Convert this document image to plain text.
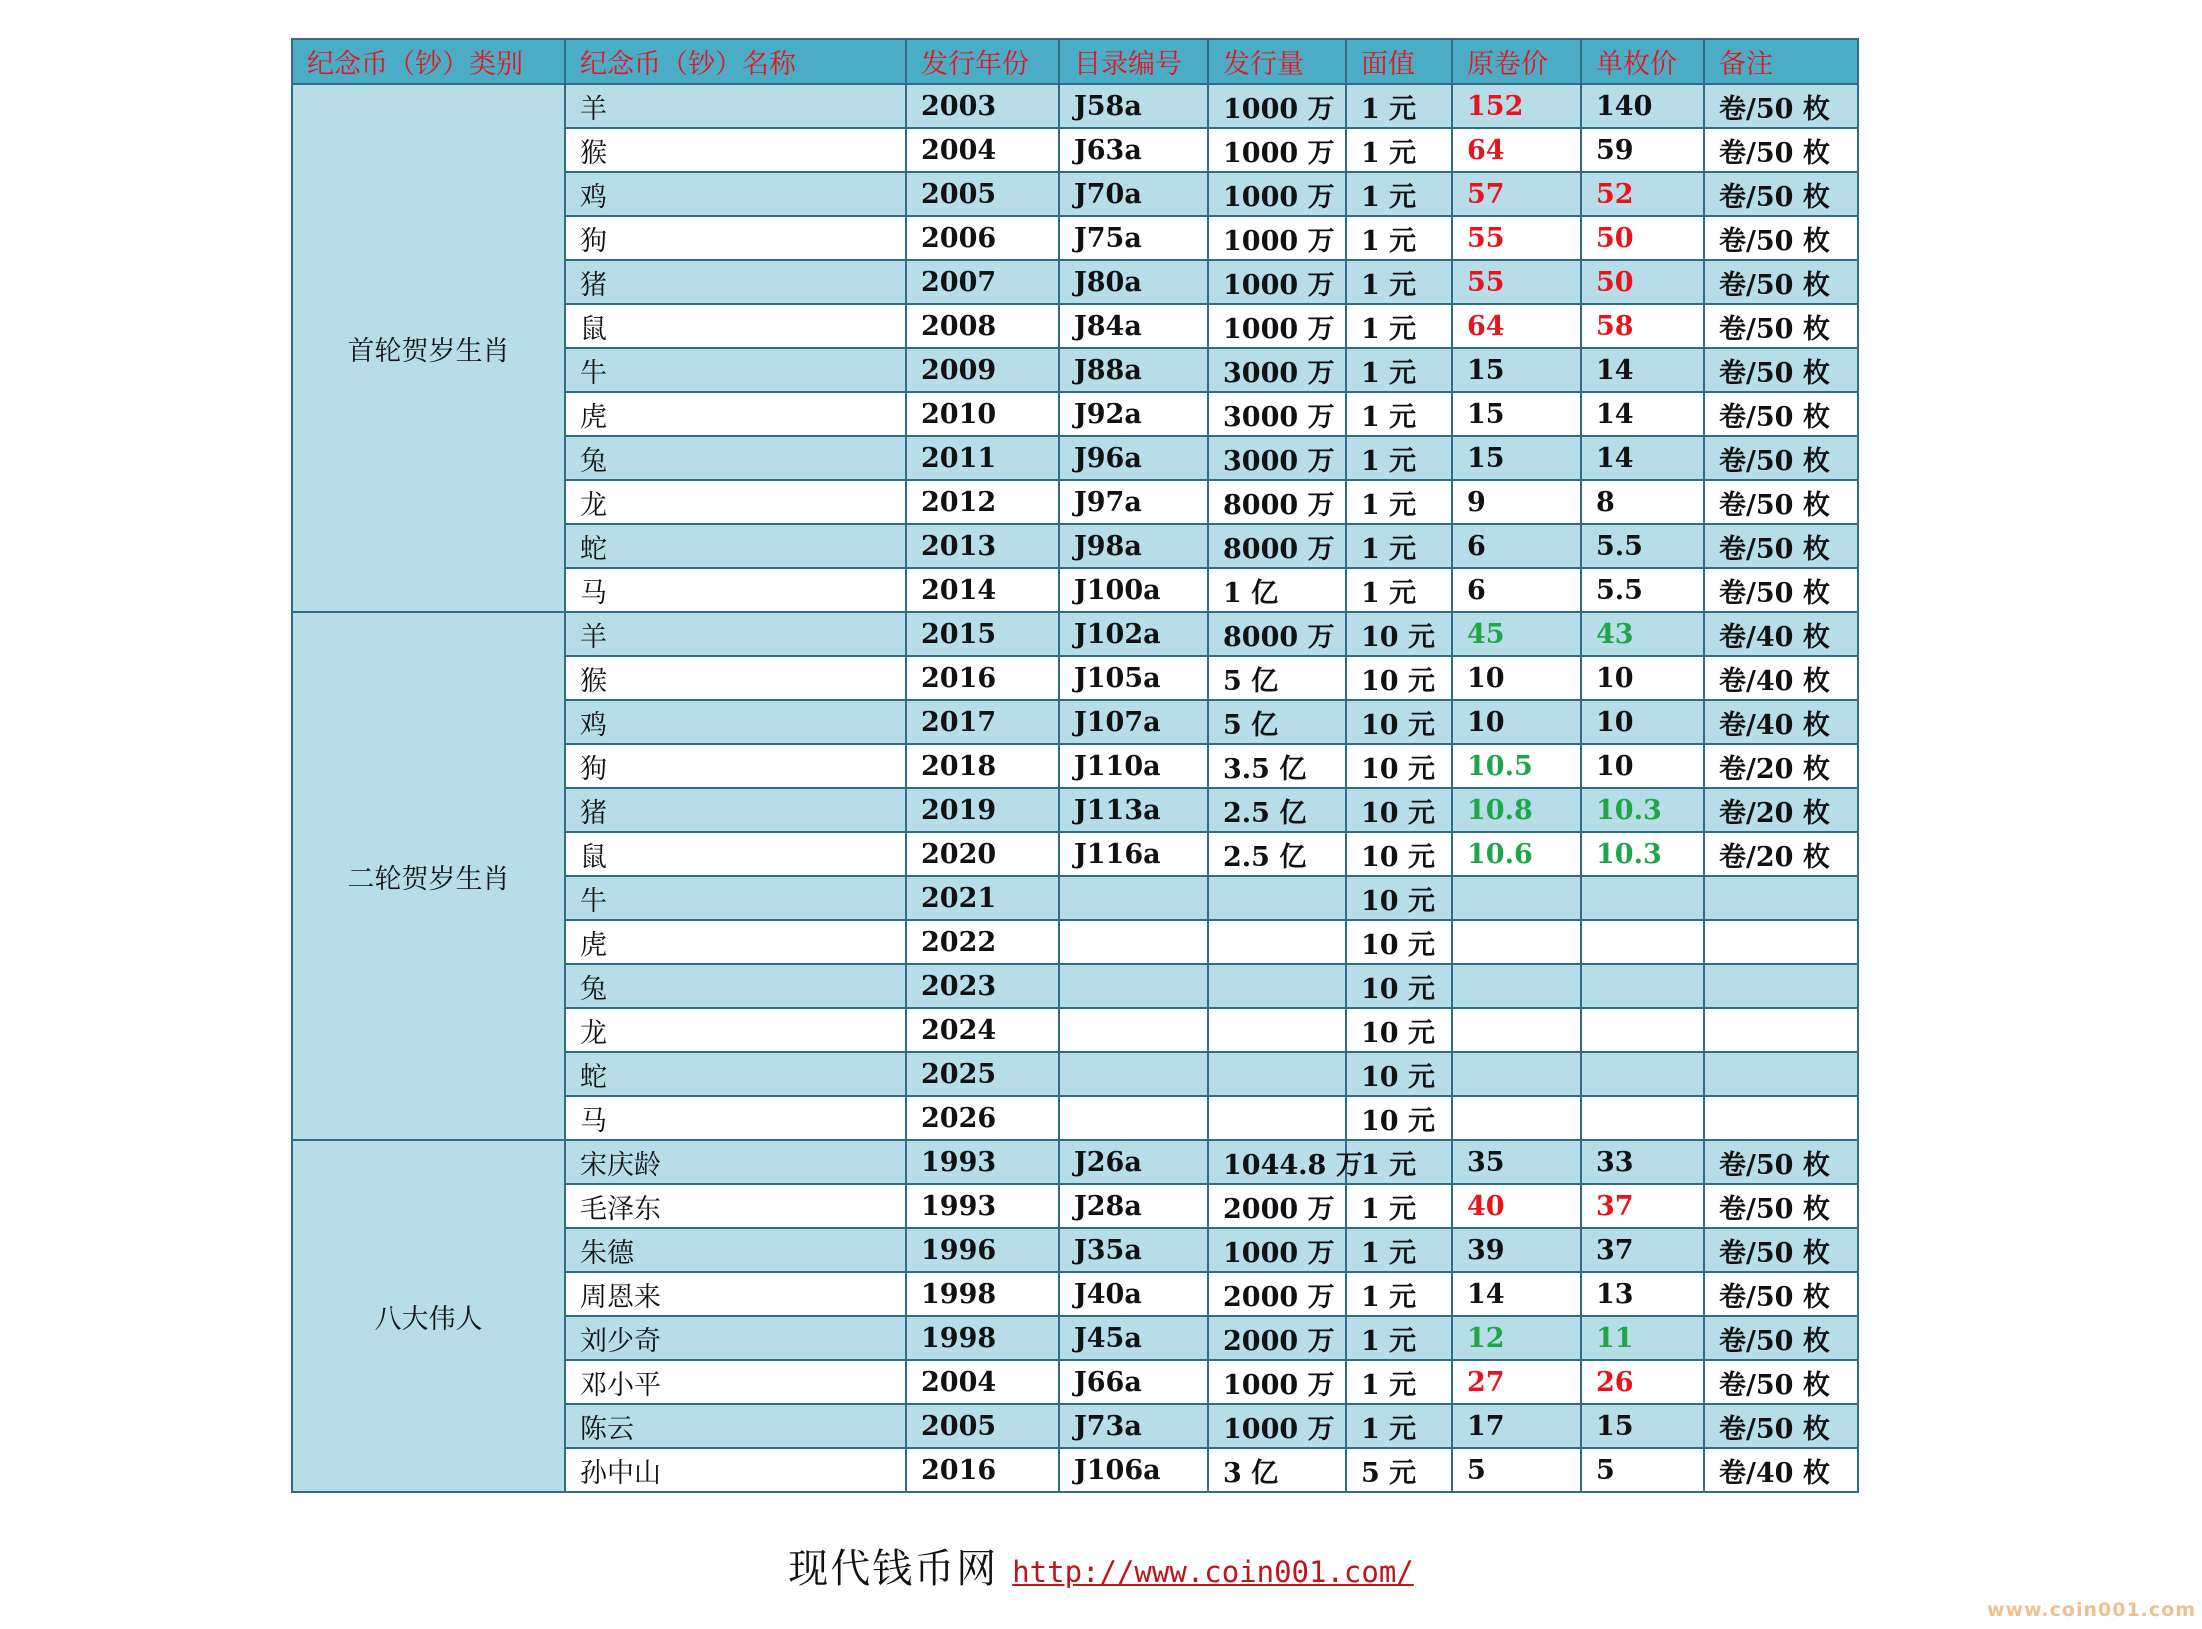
纪念币（钞）类别	纪念币（钞）名称	发行年份	目录编号	发行量	面值	原卷价	单枚价	备注
首轮贺岁生肖	羊	2003	J58a	1000 万	1 元	152	140	卷/50 枚
	猴	2004	J63a	1000 万	1 元	64	59	卷/50 枚
	鸡	2005	J70a	1000 万	1 元	57	52	卷/50 枚
	狗	2006	J75a	1000 万	1 元	55	50	卷/50 枚
	猪	2007	J80a	1000 万	1 元	55	50	卷/50 枚
	鼠	2008	J84a	1000 万	1 元	64	58	卷/50 枚
	牛	2009	J88a	3000 万	1 元	15	14	卷/50 枚
	虎	2010	J92a	3000 万	1 元	15	14	卷/50 枚
	兔	2011	J96a	3000 万	1 元	15	14	卷/50 枚
	龙	2012	J97a	8000 万	1 元	9	8	卷/50 枚
	蛇	2013	J98a	8000 万	1 元	6	5.5	卷/50 枚
	马	2014	J100a	1 亿	1 元	6	5.5	卷/50 枚
二轮贺岁生肖	羊	2015	J102a	8000 万	10 元	45	43	卷/40 枚
	猴	2016	J105a	5 亿	10 元	10	10	卷/40 枚
	鸡	2017	J107a	5 亿	10 元	10	10	卷/40 枚
	狗	2018	J110a	3.5 亿	10 元	10.5	10	卷/20 枚
	猪	2019	J113a	2.5 亿	10 元	10.8	10.3	卷/20 枚
	鼠	2020	J116a	2.5 亿	10 元	10.6	10.3	卷/20 枚
	牛	2021			10 元			
	虎	2022			10 元			
	兔	2023			10 元			
	龙	2024			10 元			
	蛇	2025			10 元			
	马	2026			10 元			
八大伟人	宋庆龄	1993	J26a	1044.8 万	1 元	35	33	卷/50 枚
	毛泽东	1993	J28a	2000 万	1 元	40	37	卷/50 枚
	朱德	1996	J35a	1000 万	1 元	39	37	卷/50 枚
	周恩来	1998	J40a	2000 万	1 元	14	13	卷/50 枚
	刘少奇	1998	J45a	2000 万	1 元	12	11	卷/50 枚
	邓小平	2004	J66a	1000 万	1 元	27	26	卷/50 枚
	陈云	2005	J73a	1000 万	1 元	17	15	卷/50 枚
	孙中山	2016	J106a	3 亿	5 元	5	5	卷/40 枚
现代钱币网 http://www.coin001.com/
www.coin001.com
